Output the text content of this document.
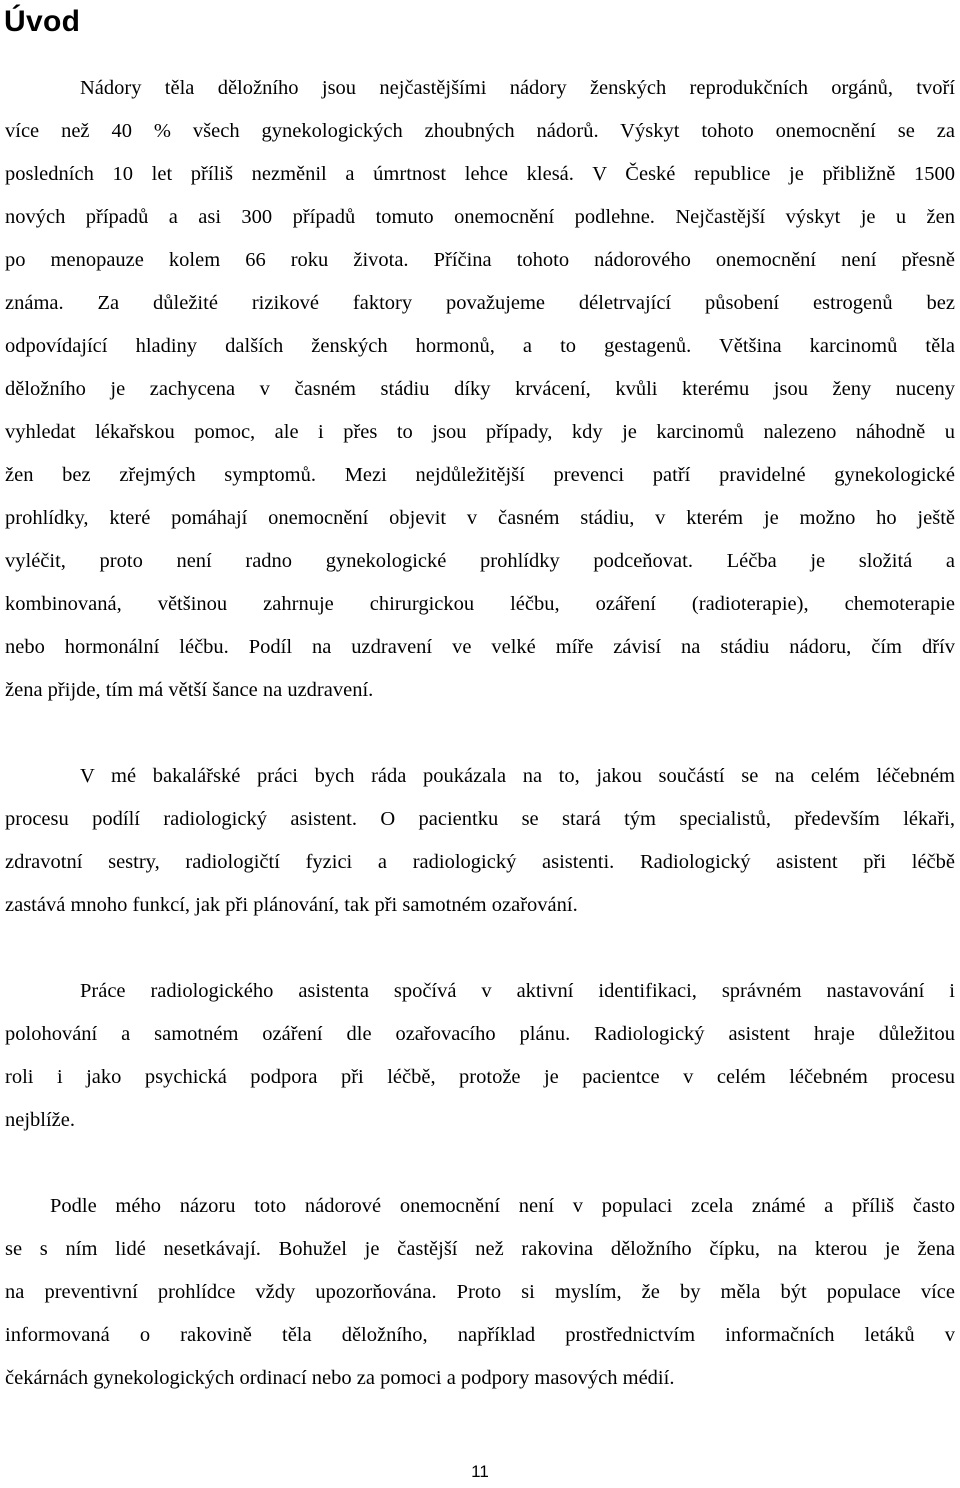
Úvod
Nádory těla děložního jsou nejčastějšími nádory ženských reprodukčních orgánů, tvoří
více než 40 % všech gynekologických zhoubných nádorů. Výskyt tohoto onemocnění se za
posledních 10 let příliš nezměnil a úmrtnost lehce klesá. V České republice je přibližně 1500
nových případů a asi 300 případů tomuto onemocnění podlehne. Nejčastější výskyt je u žen
po menopauze kolem 66 roku života. Příčina tohoto nádorového onemocnění není přesně
známa. Za důležité rizikové faktory považujeme déletrvající působení estrogenů bez
odpovídající hladiny dalších ženských hormonů, a to gestagenů. Většina karcinomů těla
děložního je zachycena v časném stádiu díky krvácení, kvůli kterému jsou ženy nuceny
vyhledat lékařskou pomoc, ale i přes to jsou případy, kdy je karcinomů nalezeno náhodně u
žen bez zřejmých symptomů. Mezi nejdůležitější prevenci patří pravidelné gynekologické
prohlídky, které pomáhají onemocnění objevit v časném stádiu, v kterém je možno ho ještě
vyléčit, proto není radno gynekologické prohlídky podceňovat. Léčba je složitá a
kombinovaná, většinou zahrnuje chirurgickou léčbu, ozáření (radioterapie), chemoterapie
nebo hormonální léčbu. Podíl na uzdravení ve velké míře závisí na stádiu nádoru, čím dřív
žena přijde, tím má větší šance na uzdravení.
V mé bakalářské práci bych ráda poukázala na to, jakou součástí se na celém léčebném
procesu podílí radiologický asistent. O pacientku se stará tým specialistů, především lékaři,
zdravotní sestry, radiologičtí fyzici a radiologický asistenti. Radiologický asistent při léčbě
zastává mnoho funkcí, jak při plánování, tak při samotném ozařování.
Práce radiologického asistenta spočívá v aktivní identifikaci, správném nastavování i
polohování a samotném ozáření dle ozařovacího plánu. Radiologický asistent hraje důležitou
roli i jako psychická podpora při léčbě, protože je pacientce v celém léčebném procesu
nejblíže.
Podle mého názoru toto nádorové onemocnění není v populaci zcela známé a příliš často
se s ním lidé nesetkávají. Bohužel je častější než rakovina děložního čípku, na kterou je žena
na preventivní prohlídce vždy upozorňována. Proto si myslím, že by měla být populace více
informovaná o rakovině těla děložního, například prostřednictvím informačních letáků v
čekárnách gynekologických ordinací nebo za pomoci a podpory masových médií.
11
